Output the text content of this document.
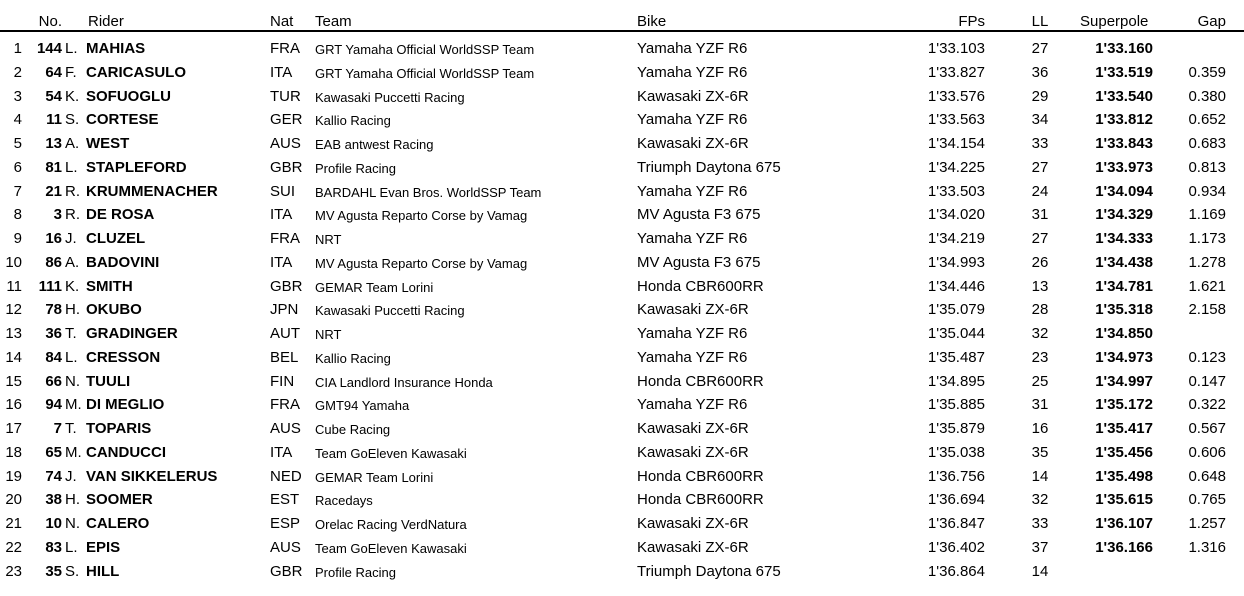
No. Rider	Nat Team	Bike	FPs	LL	Superpole	Gap
1 144 L. MAHIAS	FRA GRT Yamaha Official WorldSSP Team	Yamaha YZF R6	1'33.103	27	1'33.160
2	64 F. CARICASULO	ITA GRT Yamaha Official WorldSSP Team	Yamaha YZF R6	1'33.827	36	1'33.519	0.359
3	54 K. SOFUOGLU	TUR Kawasaki Puccetti Racing	Kawasaki ZX-6R	1'33.576	29	1'33.540	0.380
4	11 S. CORTESE	GER Kallio Racing	Yamaha YZF R6	1'33.563	34	1'33.812	0.652
5	13 A. WEST	AUS EAB antwest Racing	Kawasaki ZX-6R	1'34.154	33	1'33.843	0.683
6	81 L. STAPLEFORD	GBR Profile Racing	Triumph Daytona 675	1'34.225	27	1'33.973	0.813
7	21 R. KRUMMENACHER	SUI BARDAHL Evan Bros. WorldSSP Team	Yamaha YZF R6	1'33.503	24	1'34.094	0.934
8	3 R. DE ROSA	ITA MV Agusta Reparto Corse by Vamag	MV Agusta F3 675	1'34.020	31	1'34.329	1.169
9	16 J. CLUZEL	FRA NRT	Yamaha YZF R6	1'34.219	27	1'34.333	1.173
10	86 A. BADOVINI	ITA MV Agusta Reparto Corse by Vamag	MV Agusta F3 675	1'34.993	26	1'34.438	1.278
11	111 K. SMITH	GBR GEMAR Team Lorini	Honda CBR600RR	1'34.446	13	1'34.781	1.621
12	78 H. OKUBO	JPN Kawasaki Puccetti Racing	Kawasaki ZX-6R	1'35.079	28	1'35.318	2.158
13	36 T. GRADINGER	AUT NRT	Yamaha YZF R6	1'35.044	32	1'34.850
14	84 L. CRESSON	BEL Kallio Racing	Yamaha YZF R6	1'35.487	23	1'34.973	0.123
15	66 N. TUULI	FIN CIA Landlord Insurance Honda	Honda CBR600RR	1'34.895	25	1'34.997	0.147
16	94 M. DI MEGLIO	FRA GMT94 Yamaha	Yamaha YZF R6	1'35.885	31	1'35.172	0.322
17	7 T. TOPARIS	AUS Cube Racing	Kawasaki ZX-6R	1'35.879	16	1'35.417	0.567
18	65 M. CANDUCCI	ITA Team GoEleven Kawasaki	Kawasaki ZX-6R	1'35.038	35	1'35.456	0.606
19	74 J. VAN SIKKELERUS	NED GEMAR Team Lorini	Honda CBR600RR	1'36.756	14	1'35.498	0.648
20	38 H. SOOMER	EST Racedays	Honda CBR600RR	1'36.694	32	1'35.615	0.765
21	10 N. CALERO	ESP Orelac Racing VerdNatura	Kawasaki ZX-6R	1'36.847	33	1'36.107	1.257
22	83 L. EPIS	AUS Team GoEleven Kawasaki	Kawasaki ZX-6R	1'36.402	37	1'36.166	1.316
23	35 S. HILL	GBR Profile Racing	Triumph Daytona 675	1'36.864	14
